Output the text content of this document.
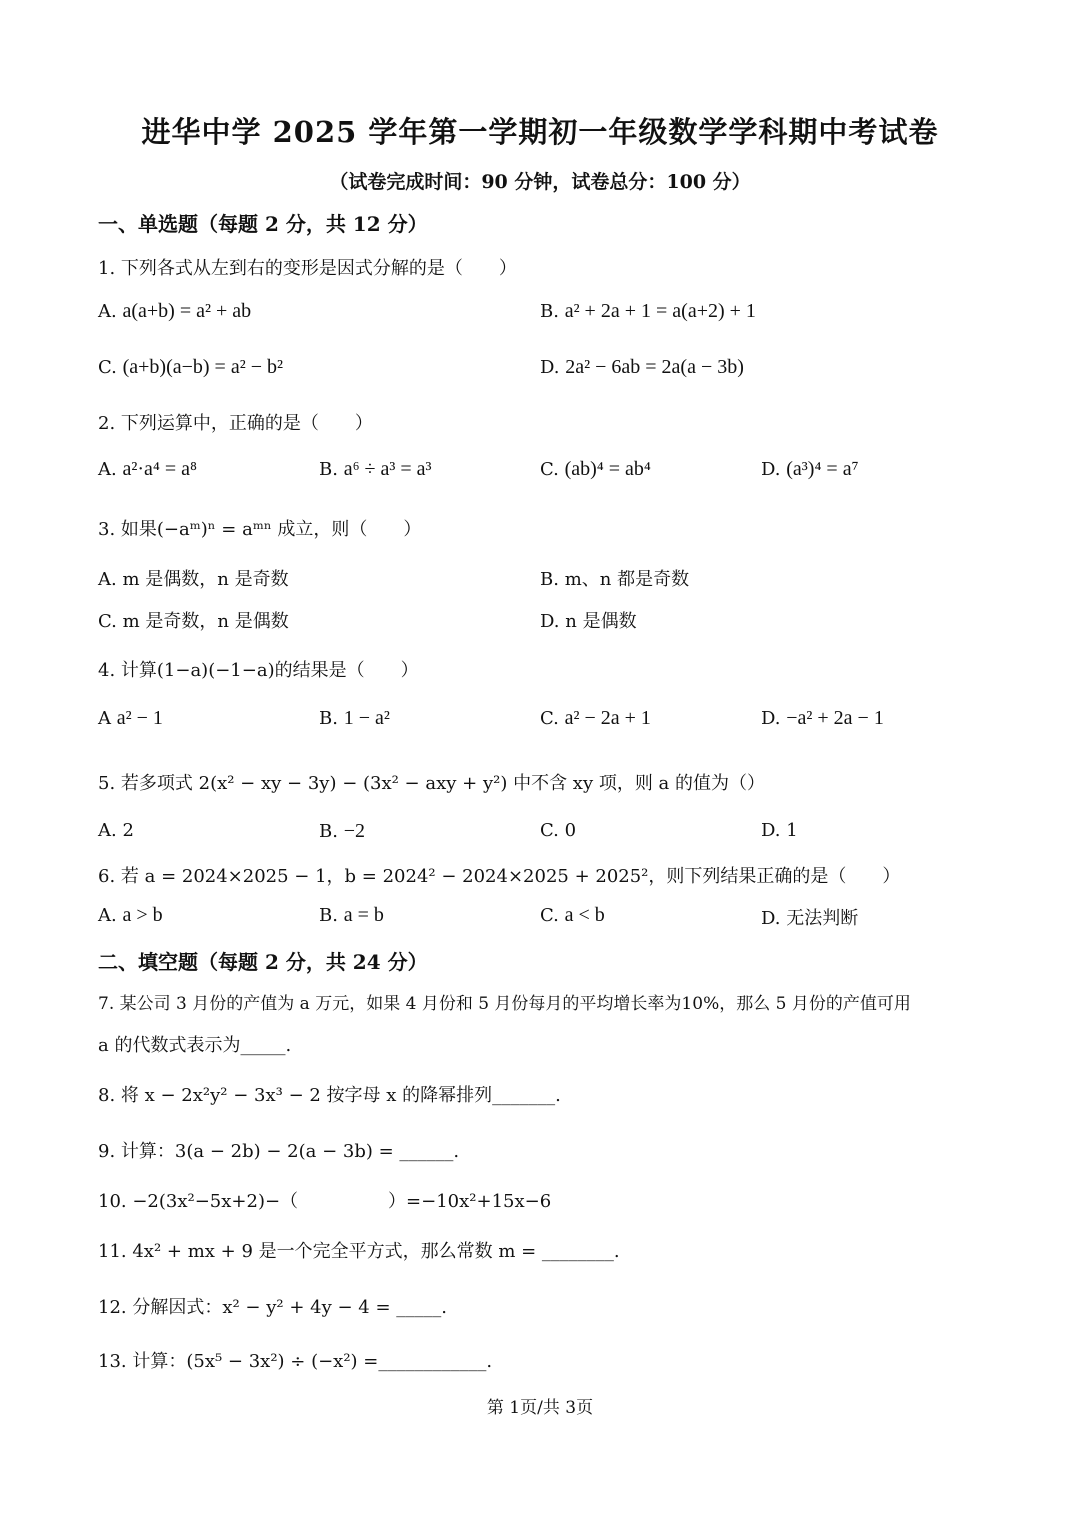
进华中学 2025 学年第一学期初一年级数学学科期中考试卷
（试卷完成时间：90 分钟，试卷总分：100 分）
一、单选题（每题 2 分，共 12 分）
1. 下列各式从左到右的变形是因式分解的是（　　）
A. a(a+b) = a² + ab	B. a² + 2a + 1 = a(a+2) + 1
C. (a+b)(a−b) = a² − b²	D. 2a² − 6ab = 2a(a − 3b)
2. 下列运算中，正确的是（　　）
A. a²·a⁴ = a⁸	B. a⁶ ÷ a³ = a³	C. (ab)⁴ = ab⁴	D. (a³)⁴ = a⁷
3. 如果(−aᵐ)ⁿ = aᵐⁿ 成立，则（　　）
A. m 是偶数，n 是奇数	B. m、n 都是奇数
C. m 是奇数，n 是偶数	D. n 是偶数
4. 计算(1−a)(−1−a)的结果是（　　）
A a² − 1	B. 1 − a²	C. a² − 2a + 1	D. −a² + 2a − 1
5. 若多项式 2(x² − xy − 3y) − (3x² − axy + y²) 中不含 xy 项，则 a 的值为（）
A. 2	B. −2	C. 0	D. 1
6. 若 a = 2024×2025 − 1，b = 2024² − 2024×2025 + 2025²，则下列结果正确的是（　　）
A. a > b	B. a = b	C. a < b	D. 无法判断
二、填空题（每题 2 分，共 24 分）
7. 某公司 3 月份的产值为 a 万元，如果 4 月份和 5 月份每月的平均增长率为10%，那么 5 月份的产值可用
a 的代数式表示为_____.
8. 将 x − 2x²y² − 3x³ − 2 按字母 x 的降幂排列_______.
9. 计算：3(a − 2b) − 2(a − 3b) = ______.
10. −2(3x²−5x+2)−（　　　　　）=−10x²+15x−6
11. 4x² + mx + 9 是一个完全平方式，那么常数 m = ________.
12. 分解因式：x² − y² + 4y − 4 = _____.
13. 计算：(5x⁵ − 3x²) ÷ (−x²) =____________.
第 1页/共 3页
